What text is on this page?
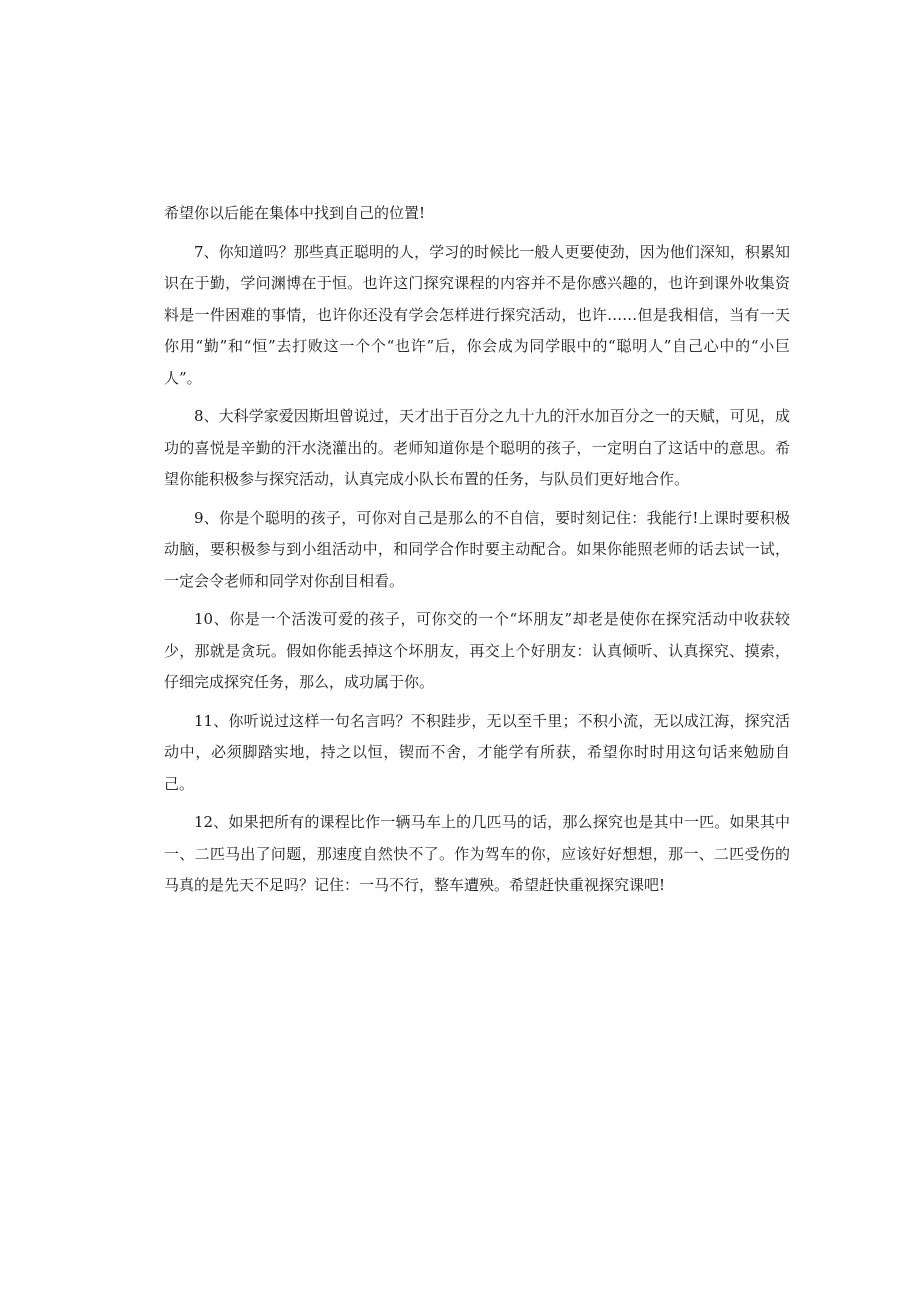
希望你以后能在集体中找到自己的位置!

7、你知道吗？那些真正聪明的人，学习的时候比一般人更要使劲，因为他们深知，积累知识在于勤，学问渊博在于恒。也许这门探究课程的内容并不是你感兴趣的，也许到课外收集资料是一件困难的事情，也许你还没有学会怎样进行探究活动，也许……但是我相信，当有一天你用“勤”和“恒”去打败这一个个“也许”后，你会成为同学眼中的“聪明人”自己心中的“小巨人”。

8、大科学家爱因斯坦曾说过，天才出于百分之九十九的汗水加百分之一的天赋，可见，成功的喜悦是辛勤的汗水浇灌出的。老师知道你是个聪明的孩子，一定明白了这话中的意思。希望你能积极参与探究活动，认真完成小队长布置的任务，与队员们更好地合作。

9、你是个聪明的孩子，可你对自己是那么的不自信，要时刻记住：我能行!上课时要积极动脑，要积极参与到小组活动中，和同学合作时要主动配合。如果你能照老师的话去试一试，一定会令老师和同学对你刮目相看。

10、你是一个活泼可爱的孩子，可你交的一个“坏朋友”却老是使你在探究活动中收获较少，那就是贪玩。假如你能丢掉这个坏朋友，再交上个好朋友：认真倾听、认真探究、摸索，仔细完成探究任务，那么，成功属于你。

11、你听说过这样一句名言吗？不积跬步，无以至千里；不积小流，无以成江海，探究活动中，必须脚踏实地，持之以恒，锲而不舍，才能学有所获，希望你时时用这句话来勉励自己。

12、如果把所有的课程比作一辆马车上的几匹马的话，那么探究也是其中一匹。如果其中一、二匹马出了问题，那速度自然快不了。作为驾车的你，应该好好想想，那一、二匹受伤的马真的是先天不足吗？记住：一马不行，整车遭殃。希望赶快重视探究课吧!
